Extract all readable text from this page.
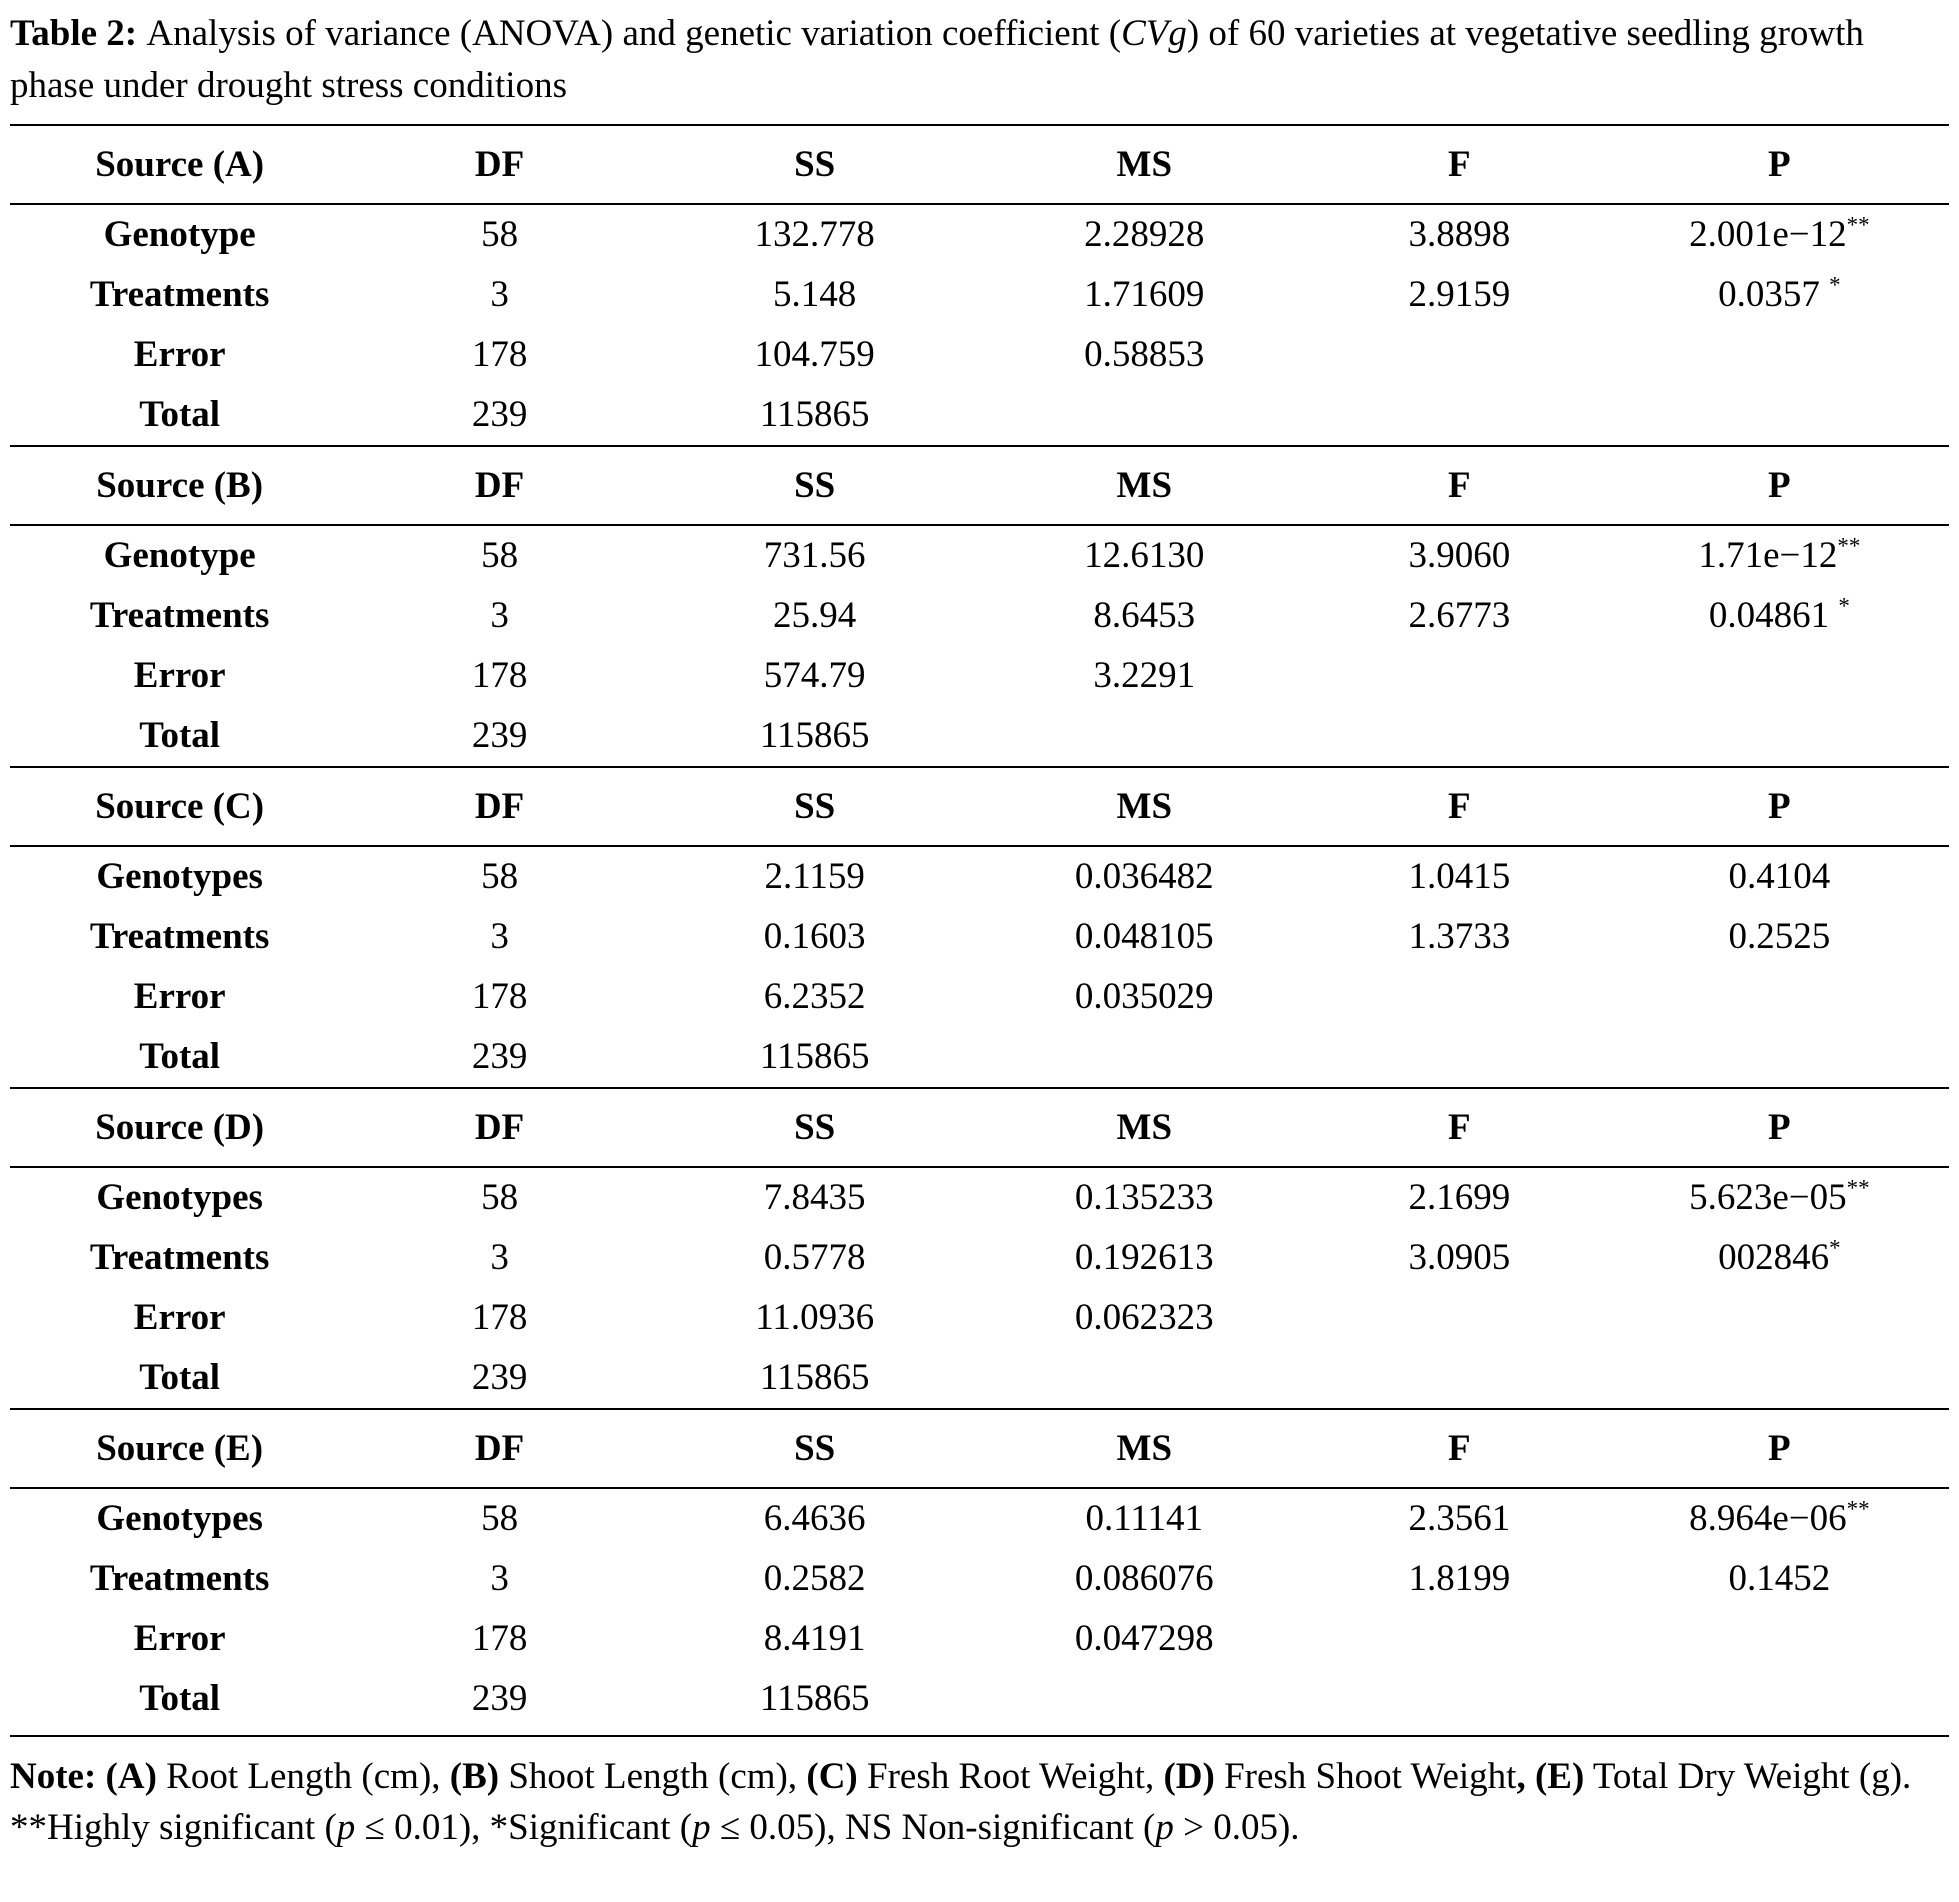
Table 2: Analysis of variance (ANOVA) and genetic variation coefficient (CVg) of 60 varieties at vegetative seedling growth phase under drought stress conditions

Source (A)	DF	SS	MS	F	P
Genotype	58	132.778	2.28928	3.8898	2.001e−12**
Treatments	3	5.148	1.71609	2.9159	0.0357 *
Error	178	104.759	0.58853		
Total	239	115865			
Source (B)	DF	SS	MS	F	P
Genotype	58	731.56	12.6130	3.9060	1.71e−12**
Treatments	3	25.94	8.6453	2.6773	0.04861 *
Error	178	574.79	3.2291		
Total	239	115865			
Source (C)	DF	SS	MS	F	P
Genotypes	58	2.1159	0.036482	1.0415	0.4104
Treatments	3	0.1603	0.048105	1.3733	0.2525
Error	178	6.2352	0.035029		
Total	239	115865			
Source (D)	DF	SS	MS	F	P
Genotypes	58	7.8435	0.135233	2.1699	5.623e−05**
Treatments	3	0.5778	0.192613	3.0905	002846*
Error	178	11.0936	0.062323		
Total	239	115865			
Source (E)	DF	SS	MS	F	P
Genotypes	58	6.4636	0.11141	2.3561	8.964e−06**
Treatments	3	0.2582	0.086076	1.8199	0.1452
Error	178	8.4191	0.047298		
Total	239	115865			

Note: (A) Root Length (cm), (B) Shoot Length (cm), (C) Fresh Root Weight, (D) Fresh Shoot Weight, (E) Total Dry Weight (g). **Highly significant (p ≤ 0.01), *Significant (p ≤ 0.05), NS Non-significant (p > 0.05).
